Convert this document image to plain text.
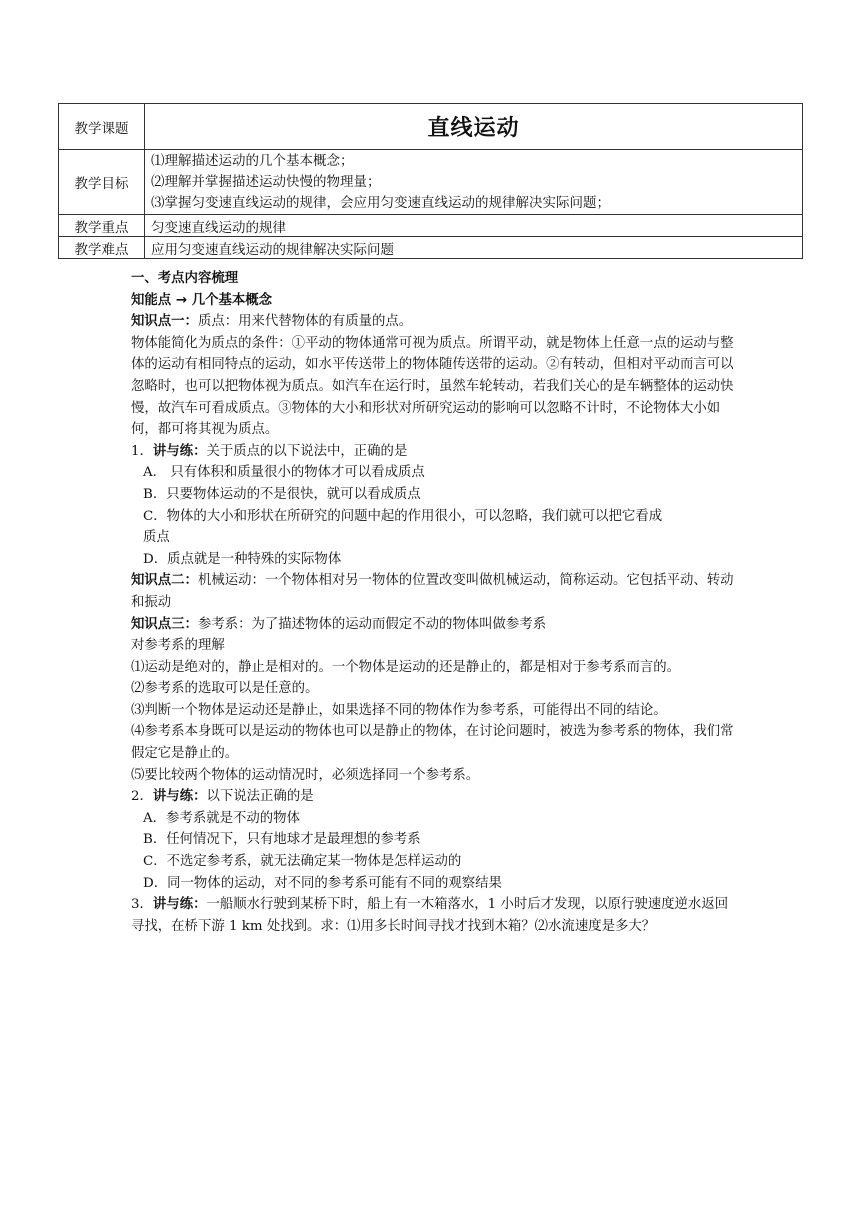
教学课题	直线运动
教学目标	⑴理解描述运动的几个基本概念；
⑵理解并掌握描述运动快慢的物理量；
⑶掌握匀变速直线运动的规律，会应用匀变速直线运动的规律解决实际问题；

教学重点	匀变速直线运动的规律
教学难点	应用匀变速直线运动的规律解决实际问题

一、考点内容梳理

知能点 → 几个基本概念

知识点一：质点：用来代替物体的有质量的点。

物体能简化为质点的条件：①平动的物体通常可视为质点。所谓平动，就是物体上任意一点的运动与整体的运动有相同特点的运动，如水平传送带上的物体随传送带的运动。②有转动，但相对平动而言可以忽略时，也可以把物体视为质点。如汽车在运行时，虽然车轮转动，若我们关心的是车辆整体的运动快慢，故汽车可看成质点。③物体的大小和形状对所研究运动的影响可以忽略不计时，不论物体大小如何，都可将其视为质点。

1．讲与练：关于质点的以下说法中，正确的是

A． 只有体积和质量很小的物体才可以看成质点

B．只要物体运动的不是很快，就可以看成质点

C．物体的大小和形状在所研究的问题中起的作用很小，可以忽略，我们就可以把它看成

质点

D．质点就是一种特殊的实际物体

知识点二：机械运动：一个物体相对另一物体的位置改变叫做机械运动，简称运动。它包括平动、转动和振动

知识点三：参考系：为了描述物体的运动而假定不动的物体叫做参考系

对参考系的理解

⑴运动是绝对的，静止是相对的。一个物体是运动的还是静止的，都是相对于参考系而言的。

⑵参考系的选取可以是任意的。

⑶判断一个物体是运动还是静止，如果选择不同的物体作为参考系，可能得出不同的结论。

⑷参考系本身既可以是运动的物体也可以是静止的物体，在讨论问题时，被选为参考系的物体，我们常假定它是静止的。

⑸要比较两个物体的运动情况时，必须选择同一个参考系。

2．讲与练：以下说法正确的是

A．参考系就是不动的物体

B．任何情况下，只有地球才是最理想的参考系

C．不选定参考系，就无法确定某一物体是怎样运动的

D．同一物体的运动，对不同的参考系可能有不同的观察结果

3．讲与练：一船顺水行驶到某桥下时，船上有一木箱落水，1 小时后才发现，以原行驶速度逆水返回寻找，在桥下游 1 km 处找到。求：⑴用多长时间寻找才找到木箱？⑵水流速度是多大？
